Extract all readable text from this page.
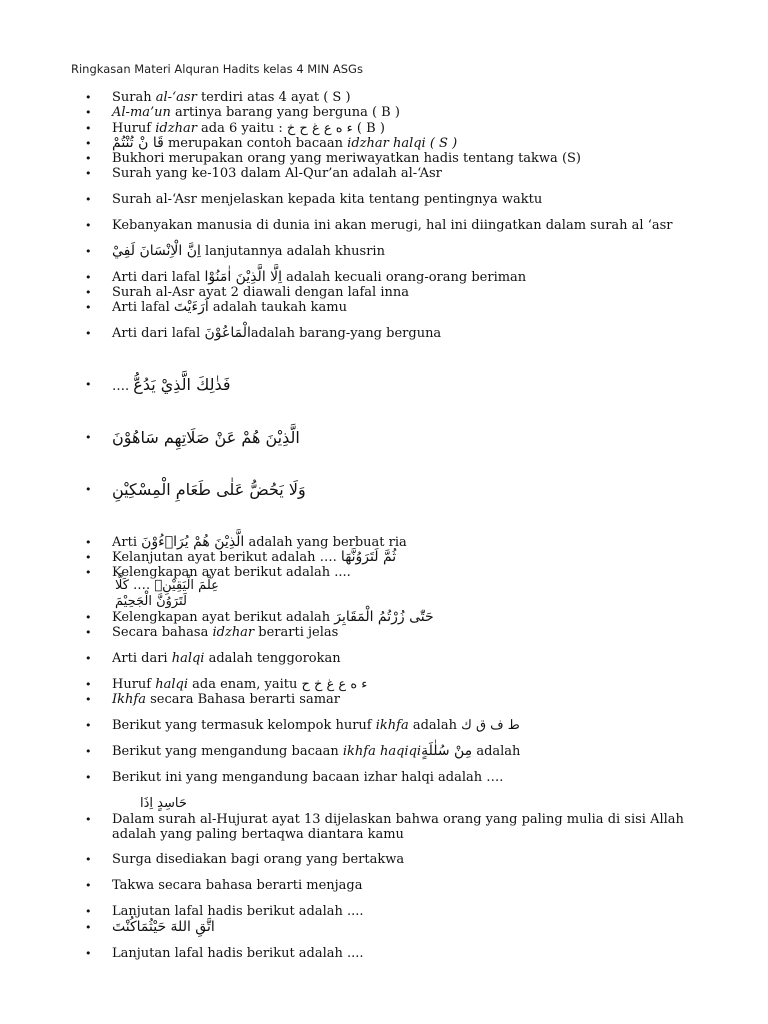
Ringkasan Materi Alquran Hadits kelas 4 MIN ASGs
• Surah al-‘asr terdiri atas 4 ayat ( S )
• Al-ma’un artinya barang yang berguna ( B )
• Huruf idzhar ada 6 yaitu : ء ه ع غ ح خ ( B )
• قَا نْ تُنْتُمْ merupakan contoh bacaan idzhar halqi ( S )
• Bukhori merupakan orang yang meriwayatkan hadis tentang takwa (S)
• Surah yang ke-103 dalam Al-Qur’an adalah al-‘Asr
• Surah al-‘Asr menjelaskan kepada kita tentang pentingnya waktu
• Kebanyakan manusia di dunia ini akan merugi, hal ini diingatkan dalam surah al ‘asr
• اِنَّ الْاِنْسَانَ لَفِيْ lanjutannya adalah khusrin
• Arti dari lafal اِلَّا الَّذِيْنَ اٰمَنُوْا adalah kecuali orang-orang beriman
• Surah al-Asr ayat 2 diawali dengan lafal inna
• Arti lafal اَرَءَيْتَ adalah taukah kamu
• Arti dari lafal الْمَاعُوْنَadalah barang-yang berguna
• …. فَذٰلِكَ الَّذِيْ يَدُعُّ
• الَّذِيْنَ هُمْ عَنْ صَلَاتِهِم سَاهُوْنَ
• وَلَا يَحُضُّ عَلٰى طَعَامِ الْمِسْكِيْنِ
• Arti الَّذِيْنَ هُمْ يُرَاۤءُوْنَ adalah yang berbuat ria
• Kelanjutan ayat berikut adalah …. ثُمَّ لَتَرَوُنَّهَا
• Kelengkapan ayat berikut adalah ....
• Kelengkapan ayat berikut adalah حَتّٰى زُرْتُمُ الْمَقَابِرَ
• Secara bahasa idzhar berarti jelas
• Arti dari halqi adalah tenggorokan
• Huruf halqi ada enam, yaitu ء ه ع غ خ ح
• Ikhfa secara Bahasa berarti samar
• Berikut yang termasuk kelompok huruf ikhfa adalah ط ف ق ك
• Berikut yang mengandung bacaan ikhfa haqiqiمِنْ سُلٰلَةٍ adalah
• Berikut ini yang mengandung bacaan izhar halqi adalah ….
• Dalam surah al-Hujurat ayat 13 dijelaskan bahwa orang yang paling mulia di sisi Allah adalah yang paling bertaqwa diantara kamu
• Surga disediakan bagi orang yang bertakwa
• Takwa secara bahasa berarti menjaga
• Lanjutan lafal hadis berikut adalah ....
• اتَّقِ اللهَ حَيْثُمَاكُنْتَ
• Lanjutan lafal hadis berikut adalah ....
عِلْمَ الْيَقِيْنِۗ …. كَلَّا
لَتَرَوُنَّ الْجَحِيْمَ
حَاسِدٍ اِذَا
